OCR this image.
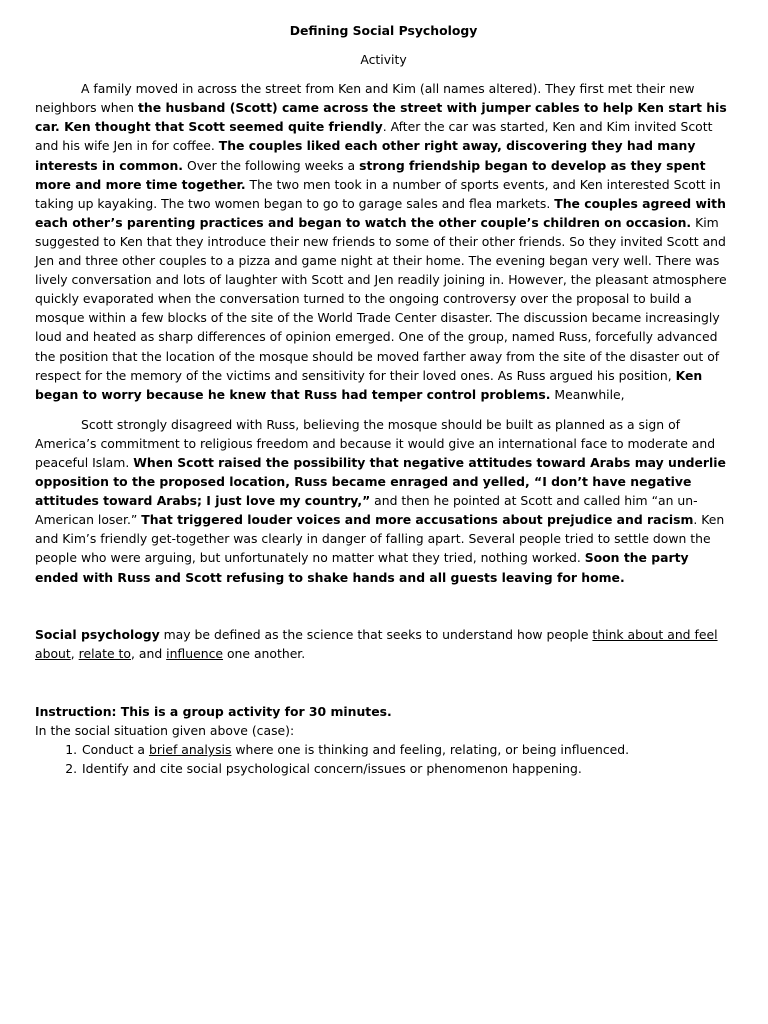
Defining Social Psychology

Activity

A family moved in across the street from Ken and Kim (all names altered). They first met their new neighbors when the husband (Scott) came across the street with jumper cables to help Ken start his car. Ken thought that Scott seemed quite friendly. After the car was started, Ken and Kim invited Scott and his wife Jen in for coffee. The couples liked each other right away, discovering they had many interests in common. Over the following weeks a strong friendship began to develop as they spent more and more time together. The two men took in a number of sports events, and Ken interested Scott in taking up kayaking. The two women began to go to garage sales and flea markets. The couples agreed with each other’s parenting practices and began to watch the other couple’s children on occasion. Kim suggested to Ken that they introduce their new friends to some of their other friends. So they invited Scott and Jen and three other couples to a pizza and game night at their home. The evening began very well. There was lively conversation and lots of laughter with Scott and Jen readily joining in. However, the pleasant atmosphere quickly evaporated when the conversation turned to the ongoing controversy over the proposal to build a mosque within a few blocks of the site of the World Trade Center disaster. The discussion became increasingly loud and heated as sharp differences of opinion emerged. One of the group, named Russ, forcefully advanced the position that the location of the mosque should be moved farther away from the site of the disaster out of respect for the memory of the victims and sensitivity for their loved ones. As Russ argued his position, Ken began to worry because he knew that Russ had temper control problems. Meanwhile,

Scott strongly disagreed with Russ, believing the mosque should be built as planned as a sign of America’s commitment to religious freedom and because it would give an international face to moderate and peaceful Islam. When Scott raised the possibility that negative attitudes toward Arabs may underlie opposition to the proposed location, Russ became enraged and yelled, “I don’t have negative attitudes toward Arabs; I just love my country,” and then he pointed at Scott and called him “an un-American loser.” That triggered louder voices and more accusations about prejudice and racism. Ken and Kim’s friendly get-together was clearly in danger of falling apart. Several people tried to settle down the people who were arguing, but unfortunately no matter what they tried, nothing worked. Soon the party ended with Russ and Scott refusing to shake hands and all guests leaving for home.

Social psychology may be defined as the science that seeks to understand how people think about and feel about, relate to, and influence one another.

Instruction: This is a group activity for 30 minutes.

In the social situation given above (case):

1. Conduct a brief analysis where one is thinking and feeling, relating, or being influenced.
2. Identify and cite social psychological concern/issues or phenomenon happening.
